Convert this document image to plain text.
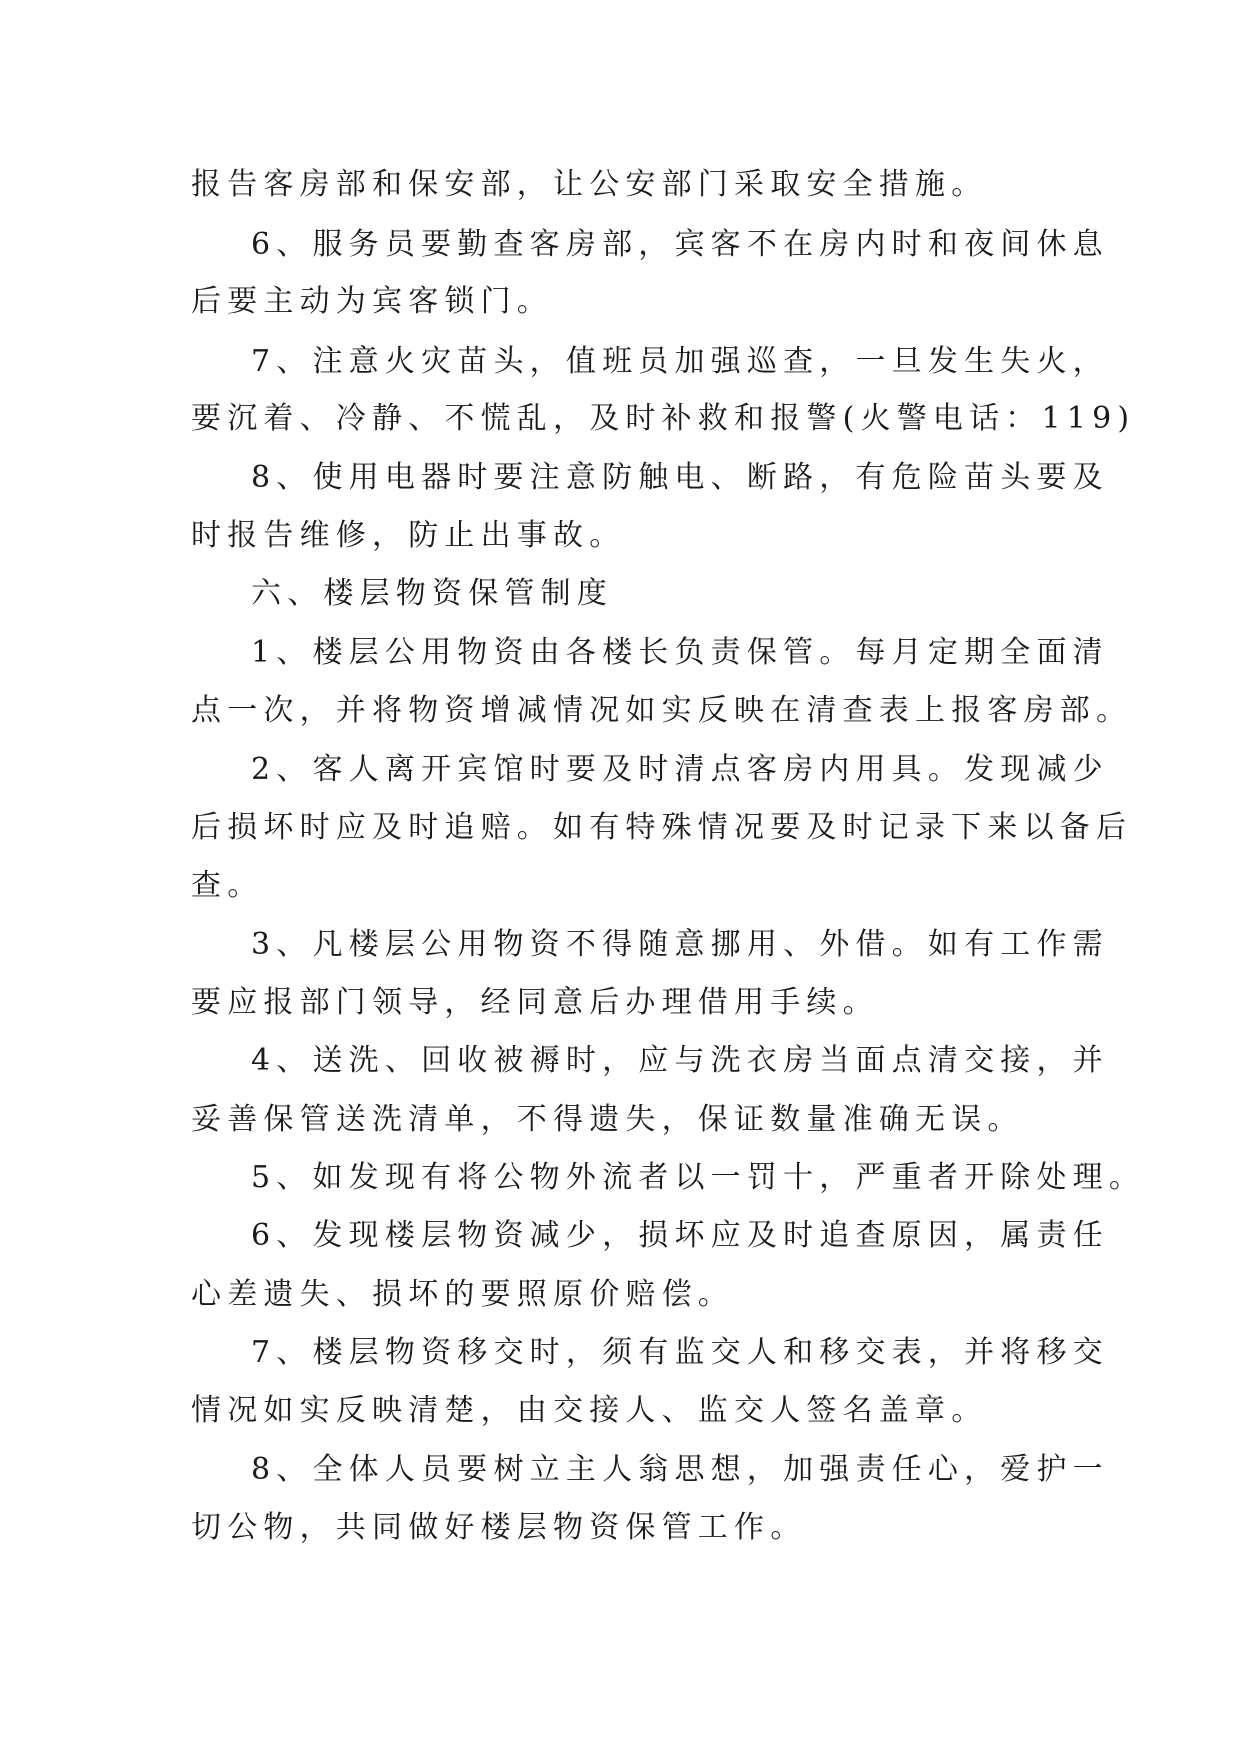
报告客房部和保安部，让公安部门采取安全措施。

6、服务员要勤查客房部，宾客不在房内时和夜间休息

后要主动为宾客锁门。

7、注意火灾苗头，值班员加强巡查，一旦发生失火，

要沉着、冷静、不慌乱，及时补救和报警(火警电话：119)

8、使用电器时要注意防触电、断路，有危险苗头要及

时报告维修，防止出事故。

六、楼层物资保管制度

1、楼层公用物资由各楼长负责保管。每月定期全面清

点一次，并将物资增减情况如实反映在清查表上报客房部。

2、客人离开宾馆时要及时清点客房内用具。发现减少

后损坏时应及时追赔。如有特殊情况要及时记录下来以备后

查。

3、凡楼层公用物资不得随意挪用、外借。如有工作需

要应报部门领导，经同意后办理借用手续。

4、送洗、回收被褥时，应与洗衣房当面点清交接，并

妥善保管送洗清单，不得遗失，保证数量准确无误。

5、如发现有将公物外流者以一罚十，严重者开除处理。

6、发现楼层物资减少，损坏应及时追查原因，属责任

心差遗失、损坏的要照原价赔偿。

7、楼层物资移交时，须有监交人和移交表，并将移交

情况如实反映清楚，由交接人、监交人签名盖章。

8、全体人员要树立主人翁思想，加强责任心，爱护一

切公物，共同做好楼层物资保管工作。
